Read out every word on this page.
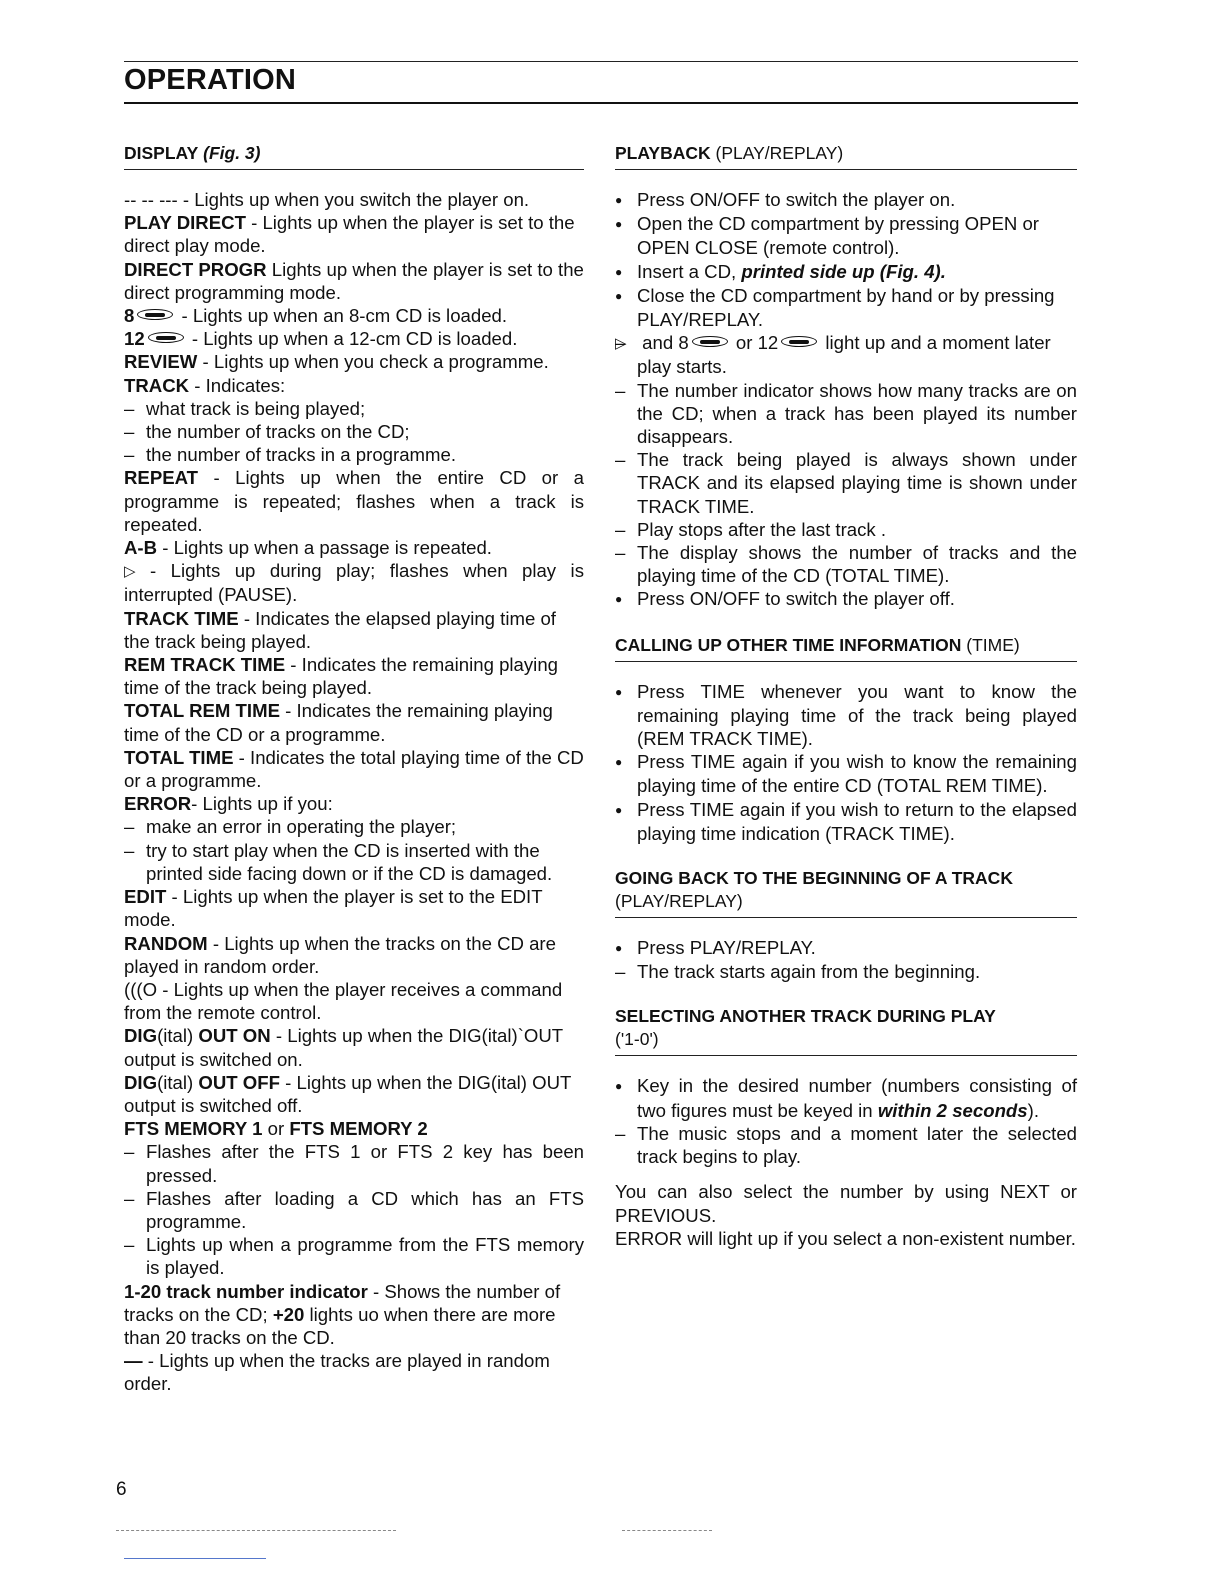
OPERATION
DISPLAY (Fig. 3)

-- -- --- - Lights up when you switch the player on.

PLAY DIRECT - Lights up when the player is set to the direct play mode.

DIRECT PROGR Lights up when the player is set to the direct programming mode.

8 - Lights up when an 8-cm CD is loaded.

12 - Lights up when a 12-cm CD is loaded.

REVIEW - Lights up when you check a programme.

TRACK - Indicates:

– what track is being played;

– the number of tracks on the CD;

– the number of tracks in a programme.

REPEAT - Lights up when the entire CD or a programme is repeated; flashes when a track is repeated.

A-B - Lights up when a passage is repeated.

▷ - Lights up during play; flashes when play is interrupted (PAUSE).

TRACK TIME - Indicates the elapsed playing time of the track being played.

REM TRACK TIME - Indicates the remaining playing time of the track being played.

TOTAL REM TIME - Indicates the remaining playing time of the CD or a programme.

TOTAL TIME - Indicates the total playing time of the CD or a programme.

ERROR- Lights up if you:

– make an error in operating the player;

– try to start play when the CD is inserted with the printed side facing down or if the CD is damaged.

EDIT - Lights up when the player is set to the EDIT mode.

RANDOM - Lights up when the tracks on the CD are played in random order.

(((O - Lights up when the player receives a command from the remote control.

DIG(ital) OUT ON - Lights up when the DIG(ital)`OUT output is switched on.

DIG(ital) OUT OFF - Lights up when the DIG(ital) OUT output is switched off.

FTS MEMORY 1 or FTS MEMORY 2

– Flashes after the FTS 1 or FTS 2 key has been pressed.

– Flashes after loading a CD which has an FTS programme.

– Lights up when a programme from the FTS memory is played.

1-20 track number indicator - Shows the number of tracks on the CD; +20 lights uo when there are more than 20 tracks on the CD.

— - Lights up when the tracks are played in random order.

PLAYBACK (PLAY/REPLAY)

● Press ON/OFF to switch the player on.

● Open the CD compartment by pressing OPEN or OPEN CLOSE (remote control).

● Insert a CD, printed side up (Fig. 4).

● Close the CD compartment by hand or by pressing PLAY/REPLAY.

– ▷ and 8 or 12 light up and a moment later play starts.

– The number indicator shows how many tracks are on the CD; when a track has been played its number disappears.

– The track being played is always shown under TRACK and its elapsed playing time is shown under TRACK TIME.

– Play stops after the last track .

– The display shows the number of tracks and the playing time of the CD (TOTAL TIME).

● Press ON/OFF to switch the player off.

CALLING UP OTHER TIME INFORMATION (TIME)

● Press TIME whenever you want to know the remaining playing time of the track being played (REM TRACK TIME).

● Press TIME again if you wish to know the remaining playing time of the entire CD (TOTAL REM TIME).

● Press TIME again if you wish to return to the elapsed playing time indication (TRACK TIME).

GOING BACK TO THE BEGINNING OF A TRACK
(PLAY/REPLAY)

● Press PLAY/REPLAY.

– The track starts again from the beginning.

SELECTING ANOTHER TRACK DURING PLAY
('1-0')

● Key in the desired number (numbers consisting of two figures must be keyed in within 2 seconds).

– The music stops and a moment later the selected track begins to play.

You can also select the number by using NEXT or PREVIOUS.

ERROR will light up if you select a non-existent number.

6
